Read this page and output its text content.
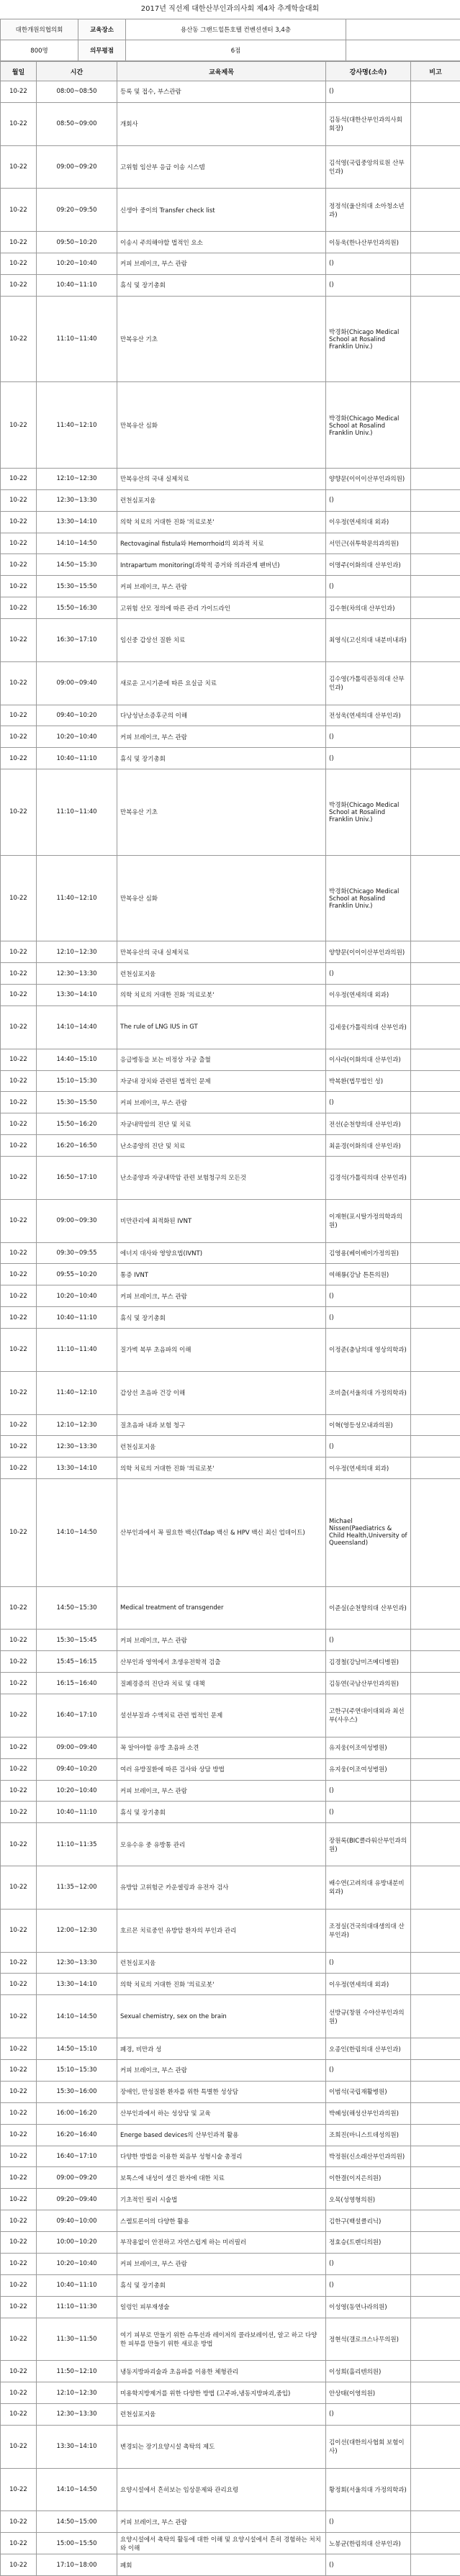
2017년 직선제 대한산부인과의사회 제4차 추계학술대회
대한개원의협의회	교육장소	용산동 그랜드힐튼호텔 컨벤션센터 3,4층	
800명	의무평점	6점	
월일	시간	교육제목	강사명(소속)	비고
10-22	08:00~08:50	등록 및 접수, 부스관람	()	
10-22	08:50~09:00	개회사	김동석(대한산부인과의사회 회장)	
10-22	09:00~09:20	고위험 임산부 응급 이송 시스템	김석영(국립중앙의료원 산부인과)	
10-22	09:20~09:50	신생아 중이의 Transfer check list	정정석(울산의대 소아청소년과)	
10-22	09:50~10:20	이송시 주의해야할 법적인 요소	이동욱(한나산부인과의원)	
10-22	10:20~10:40	커피 브레이크, 부스 관람	()	
10-22	10:40~11:10	휴식 및 장기총회	()	
10-22	11:10~11:40	만복유산 기초	박경화(Chicago Medical School at Rosalind Franklin Univ.)	
10-22	11:40~12:10	만복유산 심화	박경화(Chicago Medical School at Rosalind Franklin Univ.)	
10-22	12:10~12:30	만복유산의 국내 실제치료	양향문(이이이산부인과의원)	
10-22	12:30~13:30	런천심포지움	()	
10-22	13:30~14:10	의학 치료의 거대한 진화 '의료로봇'	이우정(연세의대 외과)	
10-22	14:10~14:50	Rectovaginal fistula와 Hemorrhoid의 외과적 치료	서민근(쉬투학문의과의원)	
10-22	14:50~15:30	Intrapartum monitoring(과학적 증거와 의과관계 팬버넌)	이명주(이화의대 산부인과)	
10-22	15:30~15:50	커피 브레이크, 부스 관람	()	
10-22	15:50~16:30	고위험 산모 정의에 따른 관리 가이드라인	김수현(차의대 산부인과)	
10-22	16:30~17:10	임신중 갑상선 질환 치료	최영식(고신의대 내분비내과)	
10-22	09:00~09:40	새로운 고시기준에 따른 요실금 치료	김수영(가톨릭관동의대 산부인과)	
10-22	09:40~10:20	다낭성난소증후군의 이해	전성욱(연세의대 산부인과)	
10-22	10:20~10:40	커피 브레이크, 부스 관람	()	
10-22	10:40~11:10	휴식 및 장기총회	()	
10-22	11:10~11:40	만복유산 기초	박경화(Chicago Medical School at Rosalind Franklin Univ.)	
10-22	11:40~12:10	만복유산 심화	박경화(Chicago Medical School at Rosalind Franklin Univ.)	
10-22	12:10~12:30	만복유산의 국내 실제치료	양향문(이이이산부인과의원)	
10-22	12:30~13:30	런천심포지움	()	
10-22	13:30~14:10	의학 치료의 거대한 진화 '의료로봇'	이우정(연세의대 외과)	
10-22	14:10~14:40	The rule of LNG IUS in GT	김세웅(가톨릭의대 산부인과)	
10-22	14:40~15:10	응급병동을 보는 비정상 자궁 출혈	이사라(이화의대 산부인과)	
10-22	15:10~15:30	자궁내 장치와 관련된 법적인 문제	박복환(법무법인 성)	
10-22	15:30~15:50	커피 브레이크, 부스 관람	()	
10-22	15:50~16:20	자궁내막암의 진단 및 치료	전선(순천향의대 산부인과)	
10-22	16:20~16:50	난소종양의 진단 및 치료	최윤경(이화의대 산부인과)	
10-22	16:50~17:10	난소종양과 자궁내막암 관련 보험청구의 모든것	김경석(가톨릭의대 산부인과)	
10-22	09:00~09:30	비만관리에 최적화된 IVNT	이재현(포시탈가정의학과의원)	
10-22	09:30~09:55	에너지 대사와 영양요법(IVNT)	김영용(베이베이가정의원)	
10-22	09:55~10:20	통증 IVNT	여해룡(강남 튼튼의원)	
10-22	10:20~10:40	커피 브레이크, 부스 관람	()	
10-22	10:40~11:10	휴식 및 장기총회	()	
10-22	11:10~11:40	질가벽 복부 초음파의 이해	이정준(충남의대 영상의학과)	
10-22	11:40~12:10	갑상선 초음파 건강 이해	조비출(서울의대 가정의학과)	
10-22	12:10~12:30	질초음파 내과 보험 청구	이혁(영등성모내과의원)	
10-22	12:30~13:30	런천심포지움	()	
10-22	13:30~14:10	의학 치료의 거대한 진화 '의료로봇'	이우정(연세의대 외과)	
10-22	14:10~14:50	산부인과에서 꼭 필요한 백신(Tdap 백신 & HPV 백신 최신 업데이트)	Michael Nissen(Paediatrics & Child Health,University of Queensland)	
10-22	14:50~15:30	Medical treatment of transgender	이준실(순천향의대 산부인과)	
10-22	15:30~15:45	커피 브레이크, 부스 관람	()	
10-22	15:45~16:15	산부인과 영역에서 초생유전학적 검출	김경철(강남미즈메디병원)	
10-22	16:15~16:40	질폐경증의 진단과 치료 및 대책	김동연(국남산부인과의원)	
10-22	16:40~17:10	설선부질과 수액치료 관련 법적인 문제	고한구(주연대이대외과 최선부(사우스)	
10-22	09:00~09:40	꼭 알아야할 유방 초음파 소견	유지웅(이조여성병원)	
10-22	09:40~10:20	여러 유방질환에 따른 검사와 상담 방법	유지웅(이조여성병원)	
10-22	10:20~10:40	커피 브레이크, 부스 관람	()	
10-22	10:40~11:10	휴식 및 장기총회	()	
10-22	11:10~11:35	모유수유 중 유방통 관리	장원록(BIC클라워산부인과의원)	
10-22	11:35~12:00	유방암 고위험군 카운셀링과 유전자 검사	배수연(고려의대 유방내분비외과)	
10-22	12:00~12:30	호르몬 치료중인 유방암 환자의 부인과 관리	조정실(건국의대대생의대 산부인과)	
10-22	12:30~13:30	런천심포지움	()	
10-22	13:30~14:10	의학 치료의 거대한 진화 '의료로봇'	이우정(연세의대 외과)	
10-22	14:10~14:50	Sexual chemistry, sex on the brain	선방규(창원 수야산부인과의원)	
10-22	14:50~15:10	폐경, 비만과 성	오종인(한림의대 산부인과)	
10-22	15:10~15:30	커피 브레이크, 부스 관람	()	
10-22	15:30~16:00	장애인, 만성질환 환자를 위한 특별한 성상담	이범석(국립재활병원)	
10-22	16:00~16:20	산부인과에서 하는 성상담 및 교육	박혜성(해성산부인과의원)	
10-22	16:20~16:40	Energe based devices의 산부인과적 활용	조희진(마니스트데성의원)	
10-22	16:40~17:10	다양한 방법을 이용한 외음부 성형시술 총정리	박정원(신소래산부인과의원)	
10-22	09:00~09:20	보톡스에 내성이 생긴 환자에 대한 치료	이한결(이지은의원)	
10-22	09:20~09:40	기초적인 필러 시술법	오목(성영형의원)	
10-22	09:40~10:00	스렐토론이의 다양한 활용	김한구(백설클리닉)	
10-22	10:00~10:20	부작용없이 안전하고 자연스럽게 하는 미러필러	정효승(트렌디의원)	
10-22	10:20~10:40	커피 브레이크, 부스 관람	()	
10-22	10:40~11:10	휴식 및 장기총회	()	
10-22	11:10~11:30	일렁인 피부재생술	이성영(동연나라의원)	
10-22	11:30~11:50	여기 피부로 만들기 위한 슈투선과 레이저의 콜라보레이션, 알고 하고 다양한 피부를 만들기 위한 새로운 방법	정현석(갤로크스나무의원)	
10-22	11:50~12:10	냉동지방파괴술과 초음파를 이용한 체형관리	이성희(흘리텐의원)	
10-22	12:10~12:30	미용학지방제거를 위한 다양한 방법 (고주파,냉동지방파괴,줌입)	안상태(이영의원)	
10-22	12:30~13:30	런천심포지움	()	
10-22	13:30~14:10	변경되는 장기요양시설 촉탁의 제도	김이선(대한의사협회 보험이사)	
10-22	14:10~14:50	요양시설에서 흔히보는 임상문제와 관리요령	황정회(서울의대 가정의학과)	
10-22	14:50~15:00	커피 브레이크, 부스 관람	()	
10-22	15:00~15:50	요양시설에서 촉탁의 활동에 대한 이해 및 요양시설에서 흔히 경험하는 처치와 이해	노봉균(한림의대 산부인과)	
10-22	17:10~18:00	폐회	()	
